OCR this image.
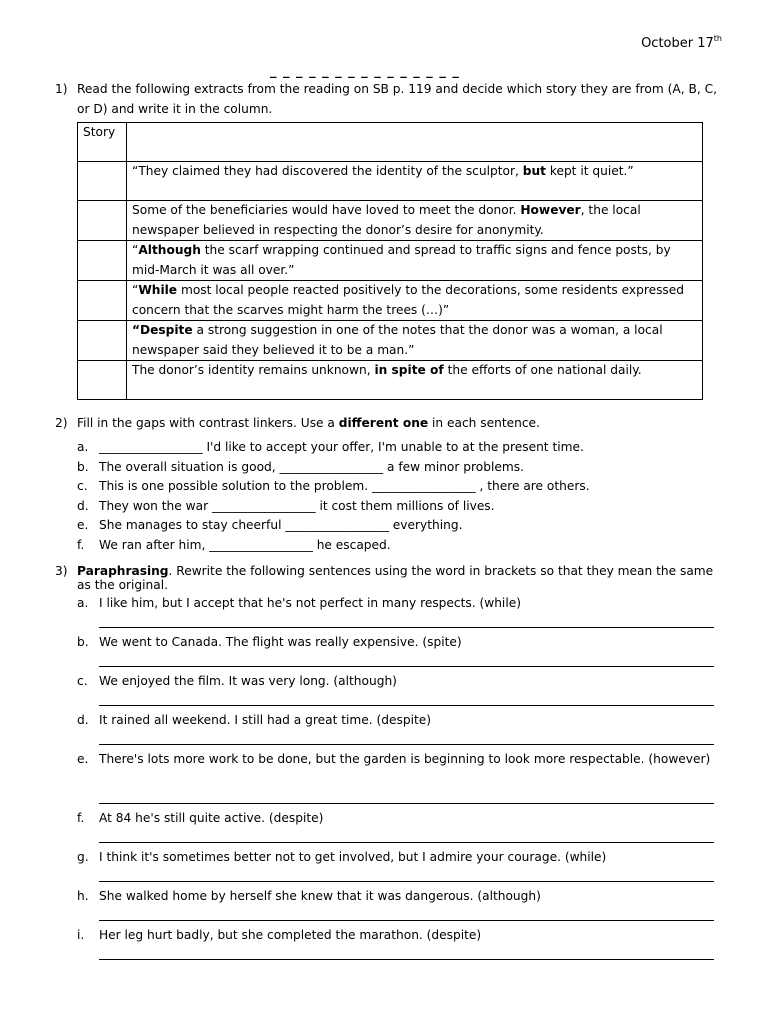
October 17th
_ _ _ _ _ _ _ _ _ _ _ _ _ _ _
1) Read the following extracts from the reading on SB p. 119 and decide which story they are from (A, B, C, or D) and write it in the column.
Story	
	“They claimed they had discovered the identity of the sculptor, but kept it quiet.”
	Some of the beneficiaries would have loved to meet the donor. However, the local newspaper believed in respecting the donor’s desire for anonymity.
	“Although the scarf wrapping continued and spread to traffic signs and fence posts, by mid-March it was all over.”
	“While most local people reacted positively to the decorations, some residents expressed concern that the scarves might harm the trees (…)”
	“Despite a strong suggestion in one of the notes that the donor was a woman, a local newspaper said they believed it to be a man.”
	The donor’s identity remains unknown, in spite of the efforts of one national daily.
2) Fill in the gaps with contrast linkers. Use a different one in each sentence.
a. _________________ I'd like to accept your offer, I'm unable to at the present time.
b. The overall situation is good, _________________ a few minor problems.
c. This is one possible solution to the problem. _________________ , there are others.
d. They won the war _________________ it cost them millions of lives.
e. She manages to stay cheerful _________________ everything.
f. We ran after him, _________________ he escaped.
3) Paraphrasing. Rewrite the following sentences using the word in brackets so that they mean the same as the original.
a. I like him, but I accept that he's not perfect in many respects. (while)
b. We went to Canada. The flight was really expensive. (spite)
c. We enjoyed the film. It was very long. (although)
d. It rained all weekend. I still had a great time. (despite)
e. There's lots more work to be done, but the garden is beginning to look more respectable. (however)
f. At 84 he's still quite active. (despite)
g. I think it's sometimes better not to get involved, but I admire your courage. (while)
h. She walked home by herself she knew that it was dangerous. (although)
i. Her leg hurt badly, but she completed the marathon. (despite)
